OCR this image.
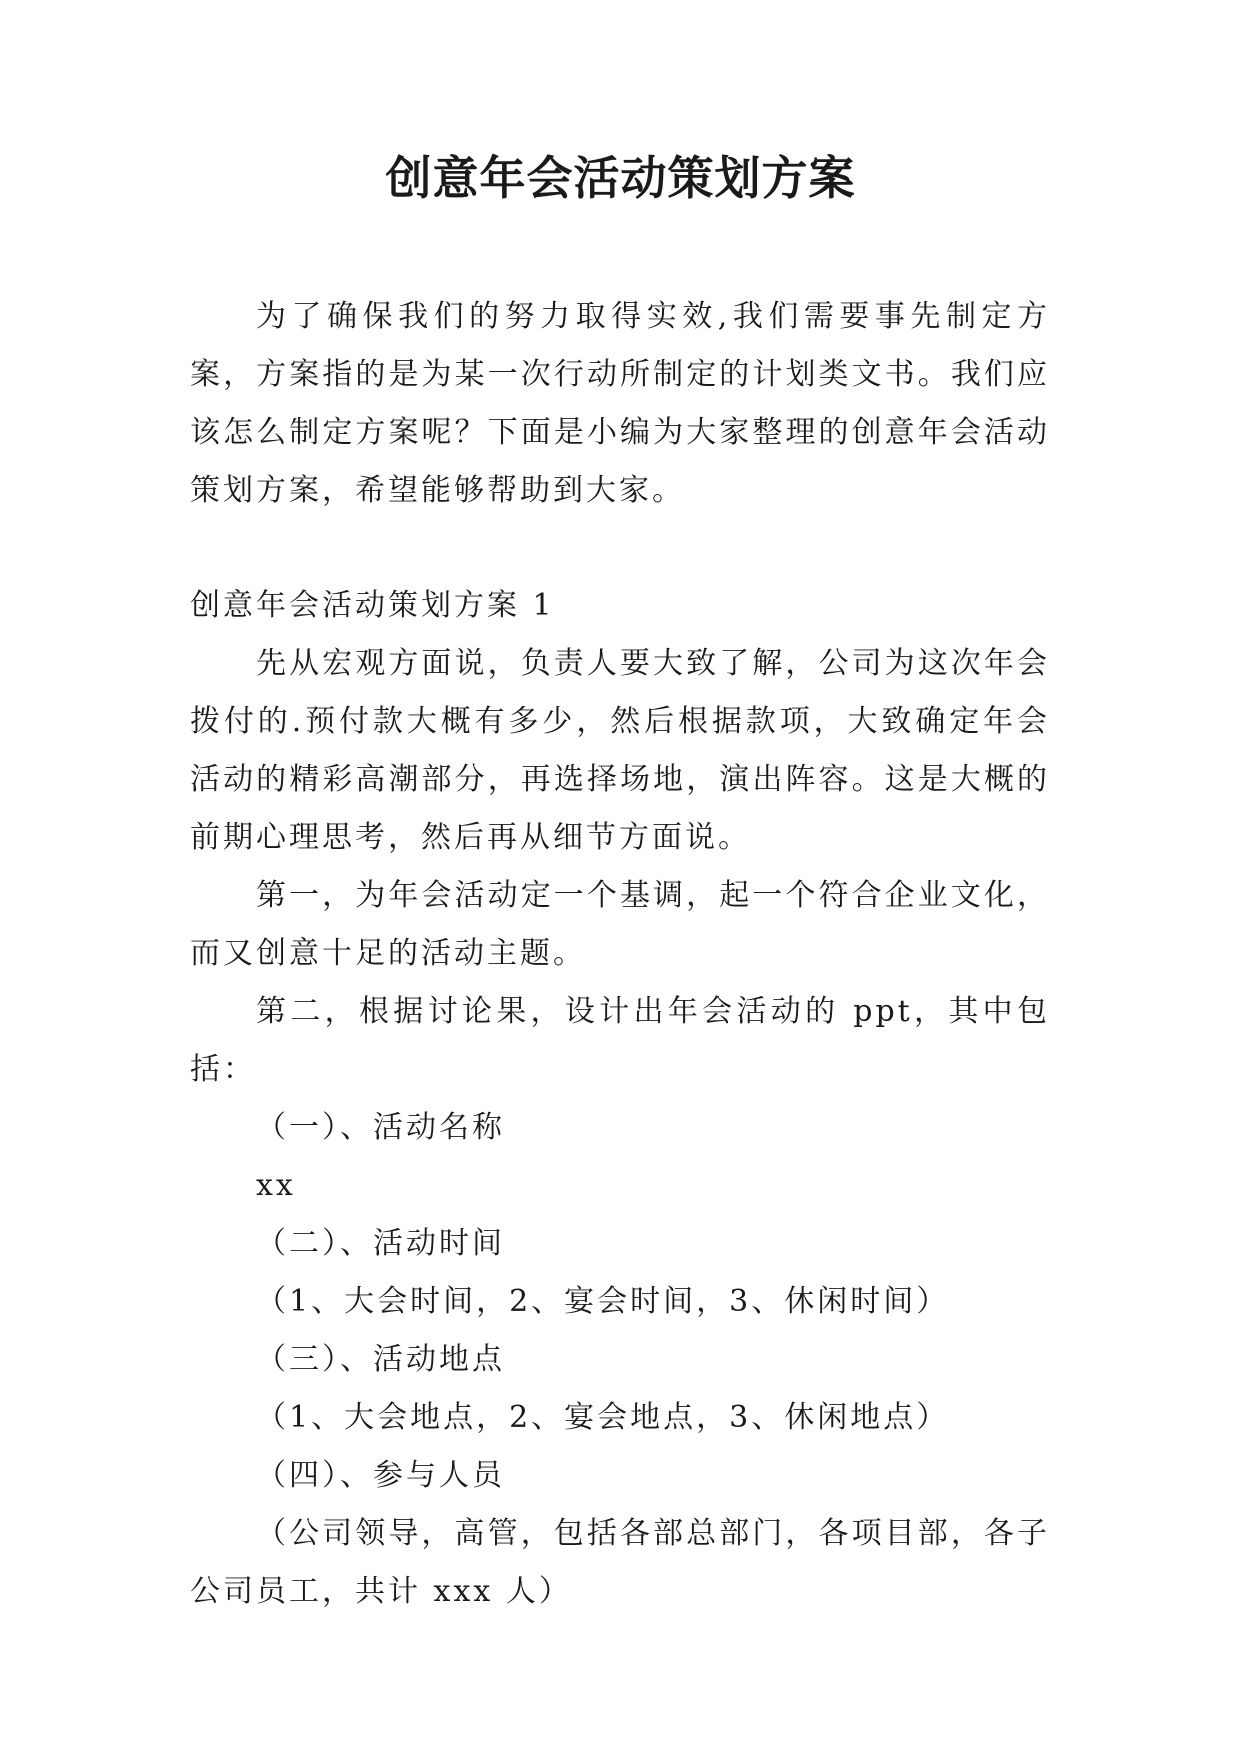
创意年会活动策划方案

为了确保我们的努力取得实效,我们需要事先制定方案，方案指的是为某一次行动所制定的计划类文书。我们应该怎么制定方案呢？下面是小编为大家整理的创意年会活动策划方案，希望能够帮助到大家。

创意年会活动策划方案 1

先从宏观方面说，负责人要大致了解，公司为这次年会拨付的.预付款大概有多少，然后根据款项，大致确定年会活动的精彩高潮部分，再选择场地，演出阵容。这是大概的前期心理思考，然后再从细节方面说。

第一，为年会活动定一个基调，起一个符合企业文化，而又创意十足的活动主题。

第二，根据讨论果，设计出年会活动的 ppt，其中包括：

（一）、活动名称

xx

（二）、活动时间

（1、大会时间，2、宴会时间，3、休闲时间）

（三）、活动地点

（1、大会地点，2、宴会地点，3、休闲地点）

（四）、参与人员

（公司领导，高管，包括各部总部门，各项目部，各子公司员工，共计 xxx 人）
